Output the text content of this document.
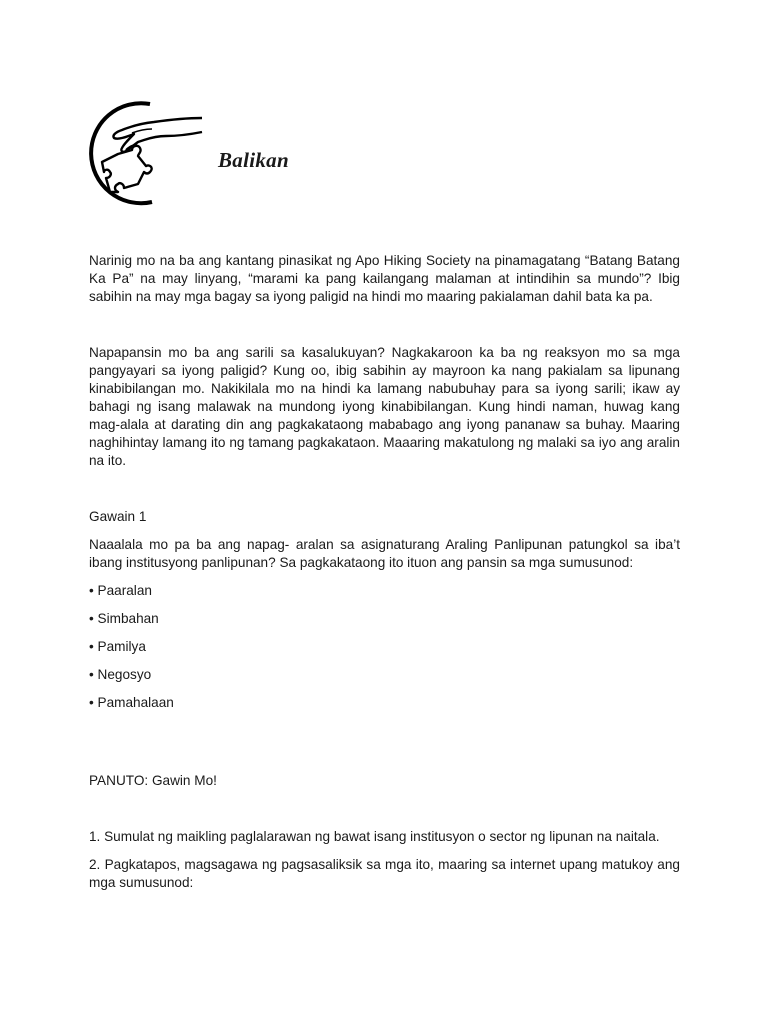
Balikan

Narinig mo na ba ang kantang pinasikat ng Apo Hiking Society na pinamagatang “Batang Batang Ka Pa” na may linyang, “marami ka pang kailangang malaman at intindihin sa mundo”? Ibig sabihin na may mga bagay sa iyong paligid na hindi mo maaring pakialaman dahil bata ka pa.

Napapansin mo ba ang sarili sa kasalukuyan? Nagkakaroon ka ba ng reaksyon mo sa mga pangyayari sa iyong paligid? Kung oo, ibig sabihin ay mayroon ka nang pakialam sa lipunang kinabibilangan mo. Nakikilala mo na hindi ka lamang nabubuhay para sa iyong sarili; ikaw ay bahagi ng isang malawak na mundong iyong kinabibilangan. Kung hindi naman, huwag kang mag-alala at darating din ang pagkakataong mababago ang iyong pananaw sa buhay. Maaring naghihintay lamang ito ng tamang pagkakataon. Maaaring makatulong ng malaki sa iyo ang aralin na ito.

Gawain 1

Naaalala mo pa ba ang napag- aralan sa asignaturang Araling Panlipunan patungkol sa iba’t ibang institusyong panlipunan? Sa pagkakataong ito ituon ang pansin sa mga sumusunod:

• Paaralan

• Simbahan

• Pamilya

• Negosyo

• Pamahalaan

PANUTO: Gawin Mo!

1. Sumulat ng maikling paglalarawan ng bawat isang institusyon o sector ng lipunan na naitala.

2. Pagkatapos, magsagawa ng pagsasaliksik sa mga ito, maaring sa internet upang matukoy ang mga sumusunod:
